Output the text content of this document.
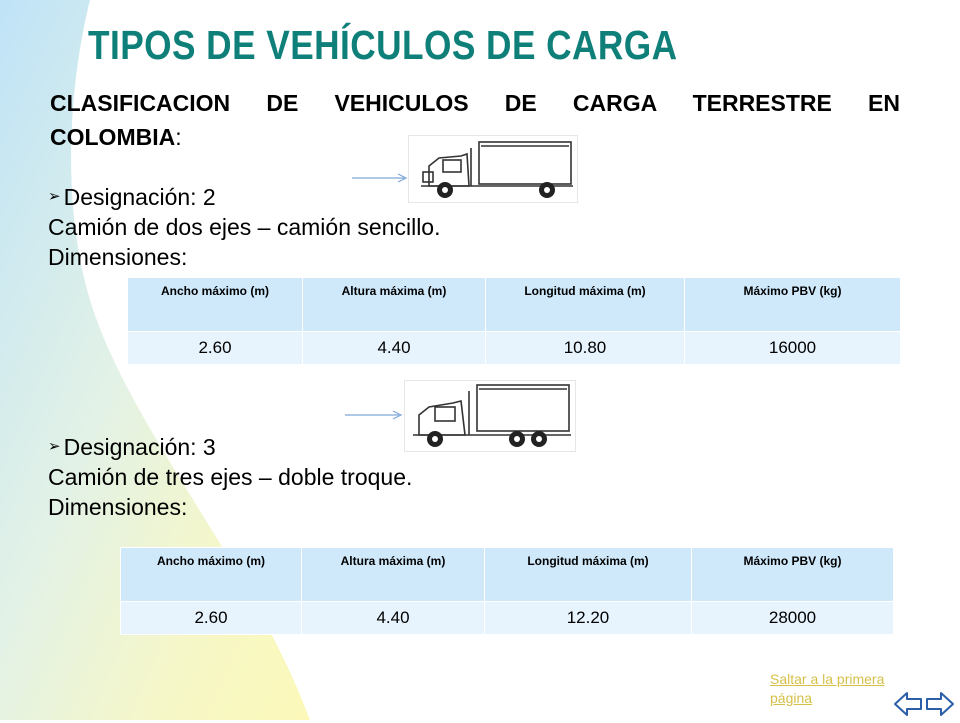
TIPOS DE VEHÍCULOS DE CARGA
CLASIFICACION DE VEHICULOS DE CARGA TERRESTRE EN
COLOMBIA:
➢ Designación: 2
Camión de dos ejes – camión sencillo.
Dimensiones:
Ancho máximo (m)	Altura máxima (m)	Longitud máxima (m)	Máximo PBV (kg)
2.60	4.40	10.80	16000
➢ Designación: 3
Camión de tres ejes – doble troque.
Dimensiones:
Ancho máximo (m)	Altura máxima (m)	Longitud máxima (m)	Máximo PBV (kg)
2.60	4.40	12.20	28000
Saltar a la primera
página
